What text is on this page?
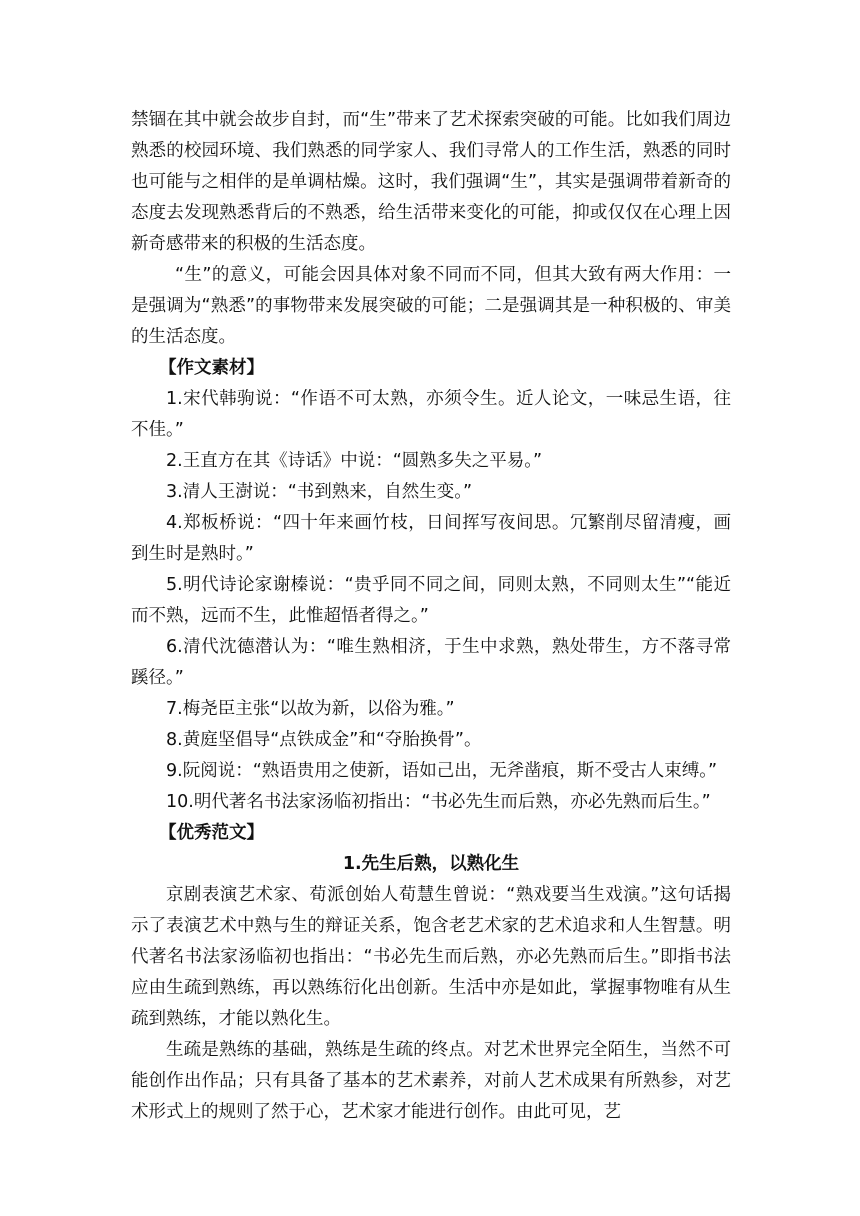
禁锢在其中就会故步自封，而“生”带来了艺术探索突破的可能。比如我们周边熟悉的校园环境、我们熟悉的同学家人、我们寻常人的工作生活，熟悉的同时也可能与之相伴的是单调枯燥。这时，我们强调“生”，其实是强调带着新奇的态度去发现熟悉背后的不熟悉，给生活带来变化的可能，抑或仅仅在心理上因新奇感带来的积极的生活态度。

“生”的意义，可能会因具体对象不同而不同，但其大致有两大作用：一是强调为“熟悉”的事物带来发展突破的可能；二是强调其是一种积极的、审美的生活态度。

【作文素材】

1.宋代韩驹说：“作语不可太熟，亦须令生。近人论文，一味忌生语，往不佳。”

2.王直方在其《诗话》中说：“圆熟多失之平易。”

3.清人王澍说：“书到熟来，自然生变。”

4.郑板桥说：“四十年来画竹枝，日间挥写夜间思。冗繁削尽留清瘦，画到生时是熟时。”

5.明代诗论家谢榛说：“贵乎同不同之间，同则太熟，不同则太生”“能近而不熟，远而不生，此惟超悟者得之。”

6.清代沈德潜认为：“唯生熟相济，于生中求熟，熟处带生，方不落寻常蹊径。”

7.梅尧臣主张“以故为新，以俗为雅。”

8.黄庭坚倡导“点铁成金”和“夺胎换骨”。

9.阮阅说：“熟语贵用之使新，语如己出，无斧凿痕，斯不受古人束缚。”

10.明代著名书法家汤临初指出：“书必先生而后熟，亦必先熟而后生。”

【优秀范文】

1.先生后熟，以熟化生

京剧表演艺术家、荀派创始人荀慧生曾说：“熟戏要当生戏演。”这句话揭示了表演艺术中熟与生的辩证关系，饱含老艺术家的艺术追求和人生智慧。明代著名书法家汤临初也指出：“书必先生而后熟，亦必先熟而后生。”即指书法应由生疏到熟练，再以熟练衍化出创新。生活中亦是如此，掌握事物唯有从生疏到熟练，才能以熟化生。

生疏是熟练的基础，熟练是生疏的终点。对艺术世界完全陌生，当然不可能创作出作品；只有具备了基本的艺术素养，对前人艺术成果有所熟参，对艺术形式上的规则了然于心，艺术家才能进行创作。由此可见，艺
